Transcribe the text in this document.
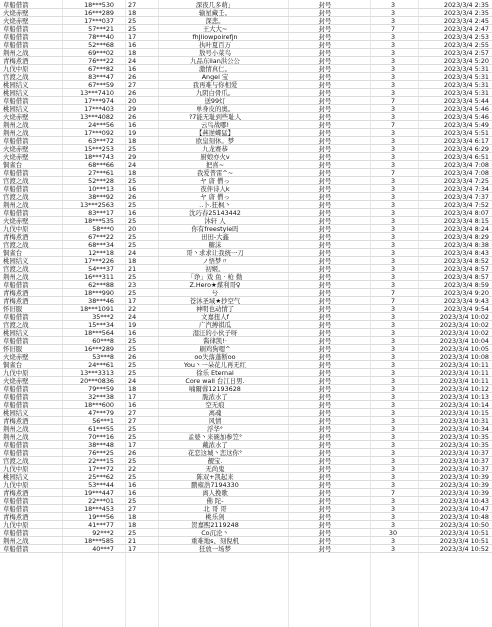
草船借箭	18***530 27	深夜几多萌」	封号	3	2023/3/4 2:35
火烧赤壁	16***289 18	输星藏壬。	封号	3	2023/3/4 2:35
火烧赤壁	17***037 25	深悲。	封号	3	2023/3/4 2:45
草船借箭	57***21 25	王大大~	封号	7	2023/3/4 2:47
草船借箭	78***40 17	fhJIiowpoirefjn	封号	3	2023/3/4 2:53
草船借箭	52***68 16	执叶夏百万	封号	3	2023/3/4 2:55
荆州之战	69***02 18	敖号小菜鸟	封号	3	2023/3/4 2:57
青梅煮酒	76***22 24	九品东lian洪公公	封号	3	2023/3/4 5:20
九伐中原	67***82 16	激情真仁。	封号	3	2023/3/4 5:31
官渡之战	83***47 26	Angel 宝	封号	3	2023/3/4 5:31
桃园结义	67***59 27	我再难与你相爱	封号	3	2023/3/4 5:31
桃园结义	13***7410 26	九阴白骨爪。	封号	3	2023/3/4 5:31
草船借箭	17***974 20	送99灯	封号	7	2023/3/4 5:44
桃园结义	17***403 29	单身皮的奥。	封号	3	2023/3/4 5:46
火烧赤壁	13***4082 26	?7能无耻到些耻人	封号	3	2023/3/4 5:46
荆州之战	24***56 16	云鸟战哪!	封号	7	2023/3/4 5:49
荆州之战	17***092 19	【燕逆蝶猛】	封号	3	2023/3/4 5:51
草船借箭	63***72 18	欧皇刻休。梦	封号	3	2023/3/4 6:17
火烧赤壁	15***253 25	九龙赛恭	封号	3	2023/3/4 6:29
火烧赤壁	18***743 29	厨娘亦火v	封号	3	2023/3/4 6:51
铜雀台	68***66 24	把喜~	封号	3	2023/3/4 7:08
草船借箭	27***61 18	我爱普雷^~	封号	7	2023/3/4 7:08
官渡之战	52***28 25	ヤ 唐 僧っ	封号	3	2023/3/4 7:25
草船借箭	10***13 16	夜伴诗人k	封号	3	2023/3/4 7:34
官渡之战	38***92 26	ヤ 唐 僧っ	封号	3	2023/3/4 7:37
荆州之战	13***2563 25	..卜.狂枫丶	封号	3	2023/3/4 7:52
草船借箭	83***17 16	沈巧春25143442	封号	3	2023/3/4 8:07
火烧赤壁	18***535 25	沐轩 人	封号	3	2023/3/4 8:15
九伐中原	58***0 20	你有freestyle吗	封号	3	2023/3/4 8:24
青梅煮酒	67***22 25	田田-大鑫	封号	3	2023/3/4 8:29
官渡之战	68***34 25	糖沫	封号	3	2023/3/4 8:38
铜雀台	12***18 24	哥丶求求让我统一刀	封号	3	2023/3/4 8:43
桃园结义	17***226 18	ノ悟梦〃	封号	3	2023/3/4 8:52
官渡之战	54***37 21	初姬。	封号	3	2023/3/4 8:57
荆州之战	16***311 25	「诤」戏 鱼 · 枪 勤	封号	3	2023/3/4 8:57
草船借箭	62***88 23	Z.Hero★煤利哥♀	封号	3	2023/3/4 8:59
青梅煮酒	18***990 25	兮	封号	7	2023/3/4 9:20
青梅煮酒	38***46 17	苍沐圣域★抄空气	封号	7	2023/3/4 9:43
怀旧服	18***1091 22	神明也动情了	封号	3	2023/3/4 9:54
草船借箭	35***2 24	文嘉扭人f	封号	3	2023/3/4 10:02
官渡之战	15***34 19	广汽搏祺瓜	封号	3	2023/3/4 10:02
桃园结义	18***564 16	湿汪的小伙子呀	封号	3	2023/3/4 10:02
草船借箭	60***8 25	酱律凯!·	封号	3	2023/3/4 10:04
怀旧服	16***289 25	刷鸡狗嗯^	封号	3	2023/3/4 10:05
火烧赤壁	53***8 26	oo失落蓬断oo	封号	3	2023/3/4 10:08
铜雀台	24***61 25	You丶一朵花儿再无红	封号	3	2023/3/4 10:11
九伐中原	13***3313 25	徐乐 Eternal	封号	3	2023/3/4 10:11
火烧赤壁	20***0836 24	Core wall 台江日男.	封号	3	2023/3/4 10:11
草船借箭	79***59 18	喃爾蓉12193628	封号	3	2023/3/4 10:12
草船借箭	32***38 17	脆浓水了	封号	3	2023/3/4 10:13
草船借箭	18***600 16	空无痕	封号	3	2023/3/4 10:14
桃园结义	47***79 27	离魂	封号	3	2023/3/4 10:15
青梅煮酒	56***1 27	风情	封号	3	2023/3/4 10:31
荆州之战	61***55 25	浮华°	封号	3	2023/3/4 10:34
荆州之战	70***16 25	孟婆丶来碗加参笠°	封号	3	2023/3/4 10:35
草船借箭	38***48 17	戴浓水了	封号	3	2023/3/4 10:35
草船借箭	76***25 26	花恋这城丶恋这你°	封号	3	2023/3/4 10:37
官渡之战	22***15 25	靓宝.	封号	3	2023/3/4 10:37
九伐中原	17***72 22	无尚鬼	封号	3	2023/3/4 10:37
桃园结义	25***62 25	陈双+凯起来	封号	3	2023/3/4 10:39
九伐中原	53***44 16	鹏雍浩7194330	封号	3	2023/3/4 10:39
青梅煮酒	19***447 16	离人挽歌	封号	7	2023/3/4 10:39
草船借箭	22***01 25	佛 陀-	封号	3	2023/3/4 10:43
草船借箭	18***453 27	北 哥 哥	封号	3	2023/3/4 10:47
青梅煮酒	19***56 18	桃乐剑	封号	3	2023/3/4 10:48
九伐中原	41***77 18	贺嘉熙2119248	封号	3	2023/3/4 10:50
草船借箭	92***2 25	Co沉沦丶	封号	30	2023/3/4 10:51
荆州之战	18***585 21	重难地s、刻倪机	封号	3	2023/3/4 10:51
草船借箭	40***7 17	狂放一场梦	封号	3	2023/3/4 10:52
